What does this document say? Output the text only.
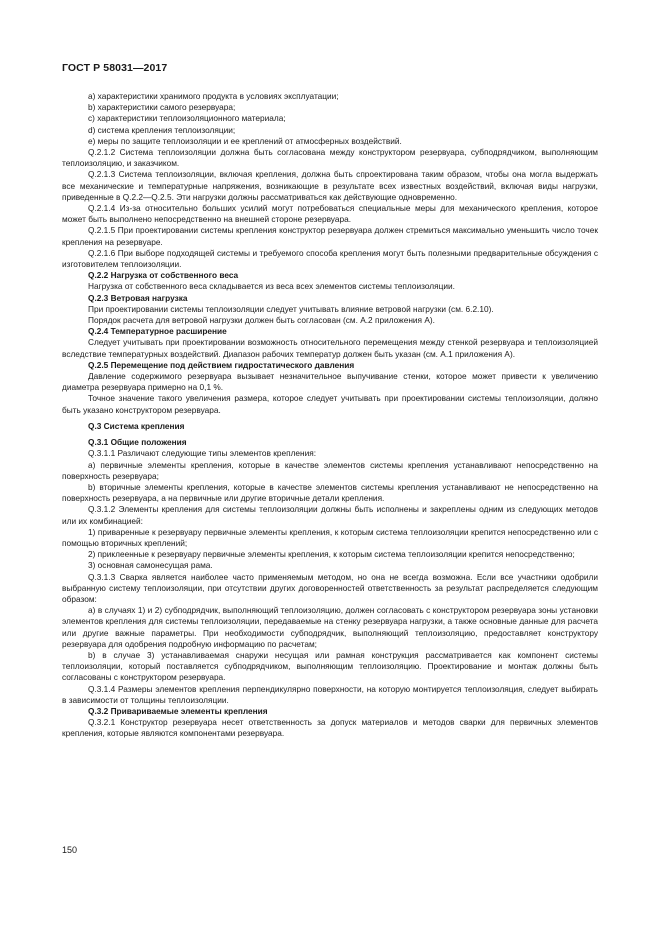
ГОСТ Р 58031—2017

а) характеристики хранимого продукта в условиях эксплуатации;

b) характеристики самого резервуара;

с) характеристики теплоизоляционного материала;

d) система крепления теплоизоляции;

е) меры по защите теплоизоляции и ее креплений от атмосферных воздействий.

Q.2.1.2 Система теплоизоляции должна быть согласована между конструктором резервуара, субподрядчиком, выполняющим теплоизоляцию, и заказчиком.

Q.2.1.3 Система теплоизоляции, включая крепления, должна быть спроектирована таким образом, чтобы она могла выдержать все механические и температурные напряжения, возникающие в результате всех известных воздействий, включая виды нагрузки, приведенные в Q.2.2—Q.2.5. Эти нагрузки должны рассматриваться как действующие одновременно.

Q.2.1.4 Из-за относительно больших усилий могут потребоваться специальные меры для механического крепления, которое может быть выполнено непосредственно на внешней стороне резервуара.

Q.2.1.5 При проектировании системы крепления конструктор резервуара должен стремиться максимально уменьшить число точек крепления на резервуаре.

Q.2.1.6 При выборе подходящей системы и требуемого способа крепления могут быть полезными предварительные обсуждения с изготовителем теплоизоляции.

Q.2.2 Нагрузка от собственного веса

Нагрузка от собственного веса складывается из веса всех элементов системы теплоизоляции.

Q.2.3 Ветровая нагрузка

При проектировании системы теплоизоляции следует учитывать влияние ветровой нагрузки (см. 6.2.10).

Порядок расчета для ветровой нагрузки должен быть согласован (см. А.2 приложения А).

Q.2.4 Температурное расширение

Следует учитывать при проектировании возможность относительного перемещения между стенкой резервуара и теплоизоляцией вследствие температурных воздействий. Диапазон рабочих температур должен быть указан (см. А.1 приложения А).

Q.2.5 Перемещение под действием гидростатического давления

Давление содержимого резервуара вызывает незначительное выпучивание стенки, которое может привести к увеличению диаметра резервуара примерно на 0,1 %.

Точное значение такого увеличения размера, которое следует учитывать при проектировании системы теплоизоляции, должно быть указано конструктором резервуара.

Q.3 Система крепления

Q.3.1 Общие положения

Q.3.1.1 Различают следующие типы элементов крепления:

а) первичные элементы крепления, которые в качестве элементов системы крепления устанавливают непосредственно на поверхность резервуара;

b) вторичные элементы крепления, которые в качестве элементов системы крепления устанавливают не непосредственно на поверхность резервуара, а на первичные или другие вторичные детали крепления.

Q.3.1.2 Элементы крепления для системы теплоизоляции должны быть исполнены и закреплены одним из следующих методов или их комбинацией:

1) приваренные к резервуару первичные элементы крепления, к которым система теплоизоляции крепится непосредственно или с помощью вторичных креплений;

2) приклеенные к резервуару первичные элементы крепления, к которым система теплоизоляции крепится непосредственно;

3) основная самонесущая рама.

Q.3.1.3 Сварка является наиболее часто применяемым методом, но она не всегда возможна. Если все участники одобрили выбранную систему теплоизоляции, при отсутствии других договоренностей ответственность за результат распределяется следующим образом:

а) в случаях 1) и 2) субподрядчик, выполняющий теплоизоляцию, должен согласовать с конструктором резервуара зоны установки элементов крепления для системы теплоизоляции, передаваемые на стенку резервуара нагрузки, а также основные данные для расчета или другие важные параметры. При необходимости субподрядчик, выполняющий теплоизоляцию, предоставляет конструктору резервуара для одобрения подробную информацию по расчетам;

b) в случае 3) устанавливаемая снаружи несущая или рамная конструкция рассматривается как компонент системы теплоизоляции, который поставляется субподрядчиком, выполняющим теплоизоляцию. Проектирование и монтаж должны быть согласованы с конструктором резервуара.

Q.3.1.4 Размеры элементов крепления перпендикулярно поверхности, на которую монтируется теплоизоляция, следует выбирать в зависимости от толщины теплоизоляции.

Q.3.2 Привариваемые элементы крепления

Q.3.2.1 Конструктор резервуара несет ответственность за допуск материалов и методов сварки для первичных элементов крепления, которые являются компонентами резервуара.

150
